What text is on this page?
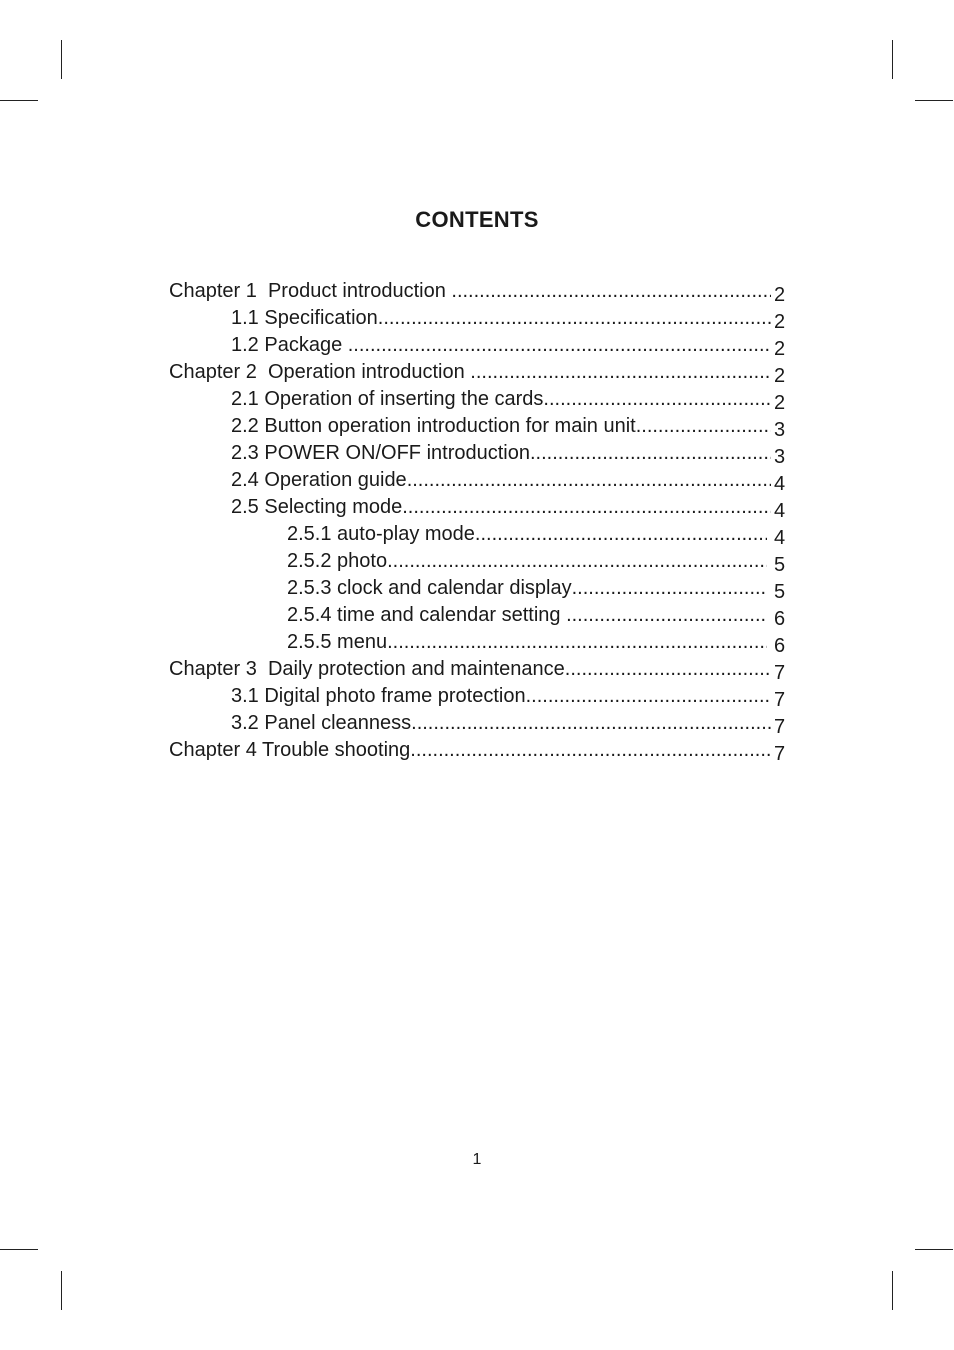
CONTENTS
Chapter 1  Product introduction .....	2
1.1 Specification .....	2
1.2 Package .....	2
Chapter 2  Operation introduction .....	2
2.1 Operation of inserting the cards .....	2
2.2 Button operation introduction for main unit .....	3
2.3 POWER ON/OFF introduction .....	3
2.4 Operation guide .....	4
2.5 Selecting mode .....	4
2.5.1 auto-play mode .....	4
2.5.2 photo .....	5
2.5.3 clock and calendar display .....	5
2.5.4 time and calendar setting .....	6
2.5.5 menu .....	6
Chapter 3  Daily protection and maintenance .....	7
3.1 Digital photo frame protection .....	7
3.2 Panel cleanness .....	7
Chapter 4 Trouble shooting .....	7
1
